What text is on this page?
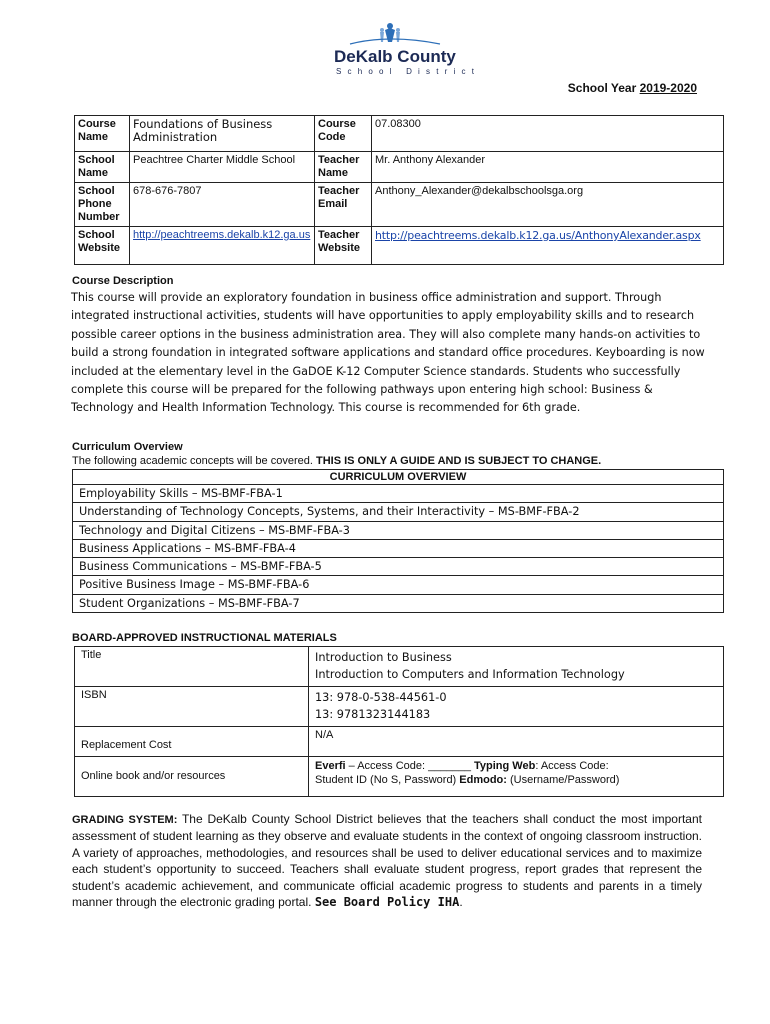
DeKalb County
School District
School Year 2019-2020
Course Name	Foundations of Business Administration	Course Code	07.08300
School Name	Peachtree Charter Middle School	Teacher Name	Mr. Anthony Alexander
School Phone Number	678-676-7807	Teacher Email	Anthony_Alexander@dekalbschoolsga.org
School Website	http://peachtreems.dekalb.k12.ga.us	Teacher Website	http://peachtreems.dekalb.k12.ga.us/AnthonyAlexander.aspx
Course Description
This course will provide an exploratory foundation in business office administration and support. Through integrated instructional activities, students will have opportunities to apply employability skills and to research possible career options in the business administration area. They will also complete many hands-on activities to build a strong foundation in integrated software applications and standard office procedures. Keyboarding is now included at the elementary level in the GaDOE K-12 Computer Science standards. Students who successfully complete this course will be prepared for the following pathways upon entering high school: Business & Technology and Health Information Technology. This course is recommended for 6th grade.
Curriculum Overview
The following academic concepts will be covered. THIS IS ONLY A GUIDE AND IS SUBJECT TO CHANGE.
CURRICULUM OVERVIEW
Employability Skills – MS-BMF-FBA-1
Understanding of Technology Concepts, Systems, and their Interactivity – MS-BMF-FBA-2
Technology and Digital Citizens – MS-BMF-FBA-3
Business Applications – MS-BMF-FBA-4
Business Communications – MS-BMF-FBA-5
Positive Business Image – MS-BMF-FBA-6
Student Organizations – MS-BMF-FBA-7
BOARD-APPROVED INSTRUCTIONAL MATERIALS
Title	Introduction to Business
Introduction to Computers and Information Technology

ISBN	13: 978-0-538-44561-0
13: 9781323144183

Replacement Cost	N/A
Online book and/or resources	Everfi – Access Code: _______ Typing Web: Access Code:
Student ID (No S, Password) Edmodo: (Username/Password)
GRADING SYSTEM: The DeKalb County School District believes that the teachers shall conduct the most important assessment of student learning as they observe and evaluate students in the context of ongoing classroom instruction. A variety of approaches, methodologies, and resources shall be used to deliver educational services and to maximize each student’s opportunity to succeed. Teachers shall evaluate student progress, report grades that represent the student’s academic achievement, and communicate official academic progress to students and parents in a timely manner through the electronic grading portal. See Board Policy IHA.
